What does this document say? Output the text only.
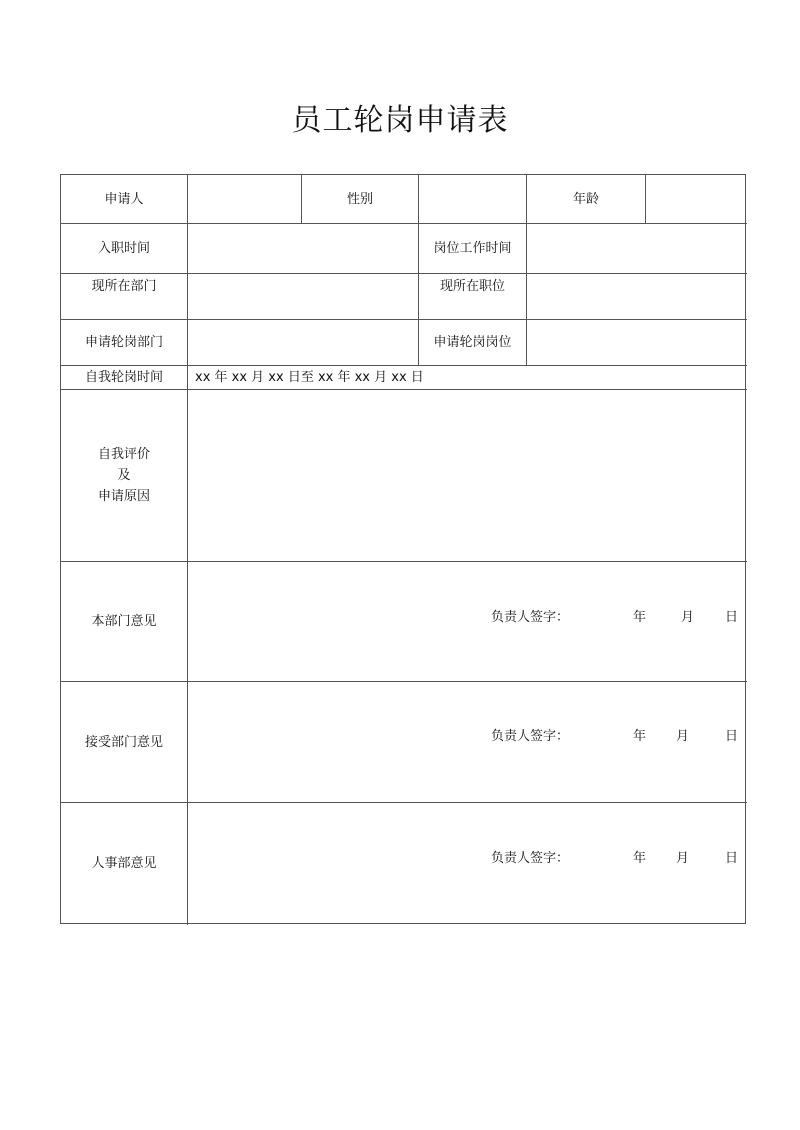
员工轮岗申请表
申请人	性别	年龄
入职时间	岗位工作时间
现所在部门	现所在职位
申请轮岗部门	申请轮岗岗位
自我轮岗时间	xx 年 xx 月 xx 日至 xx 年 xx 月 xx 日
自我评价
及
申请原因
本部门意见	负责人签字：	年	月 日
接受部门意见	负责人签字：	年 月	日
人事部意见	负责人签字：	年 月	日
